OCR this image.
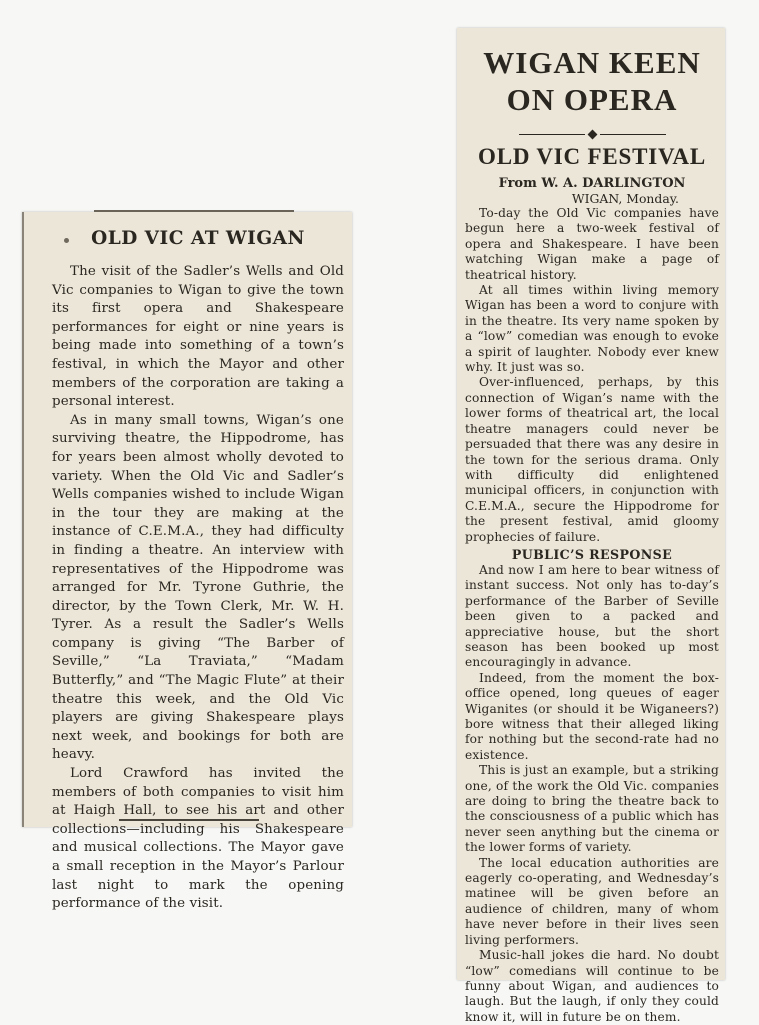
OLD VIC AT WIGAN

The visit of the Sadler’s Wells and Old Vic companies to Wigan to give the town its first opera and Shakespeare performances for eight or nine years is being made into something of a town’s festival, in which the Mayor and other members of the corporation are taking a personal interest.

As in many small towns, Wigan’s one surviving theatre, the Hippodrome, has for years been almost wholly devoted to variety. When the Old Vic and Sadler’s Wells companies wished to include Wigan in the tour they are making at the instance of C.E.M.A., they had difficulty in finding a theatre. An interview with representatives of the Hippodrome was arranged for Mr. Tyrone Guthrie, the director, by the Town Clerk, Mr. W. H. Tyrer. As a result the Sadler’s Wells company is giving “The Barber of Seville,” “La Traviata,” “Madam Butterfly,” and “The Magic Flute” at their theatre this week, and the Old Vic players are giving Shakespeare plays next week, and bookings for both are heavy.

Lord Crawford has invited the members of both companies to visit him at Haigh Hall, to see his art and other collections—including his Shakespeare and musical collections. The Mayor gave a small reception in the Mayor’s Parlour last night to mark the opening performance of the visit.

WIGAN KEEN ON OPERA
OLD VIC FESTIVAL
From W. A. DARLINGTON
WIGAN, Monday.

To-day the Old Vic companies have begun here a two-week festival of opera and Shakespeare. I have been watching Wigan make a page of theatrical history.

At all times within living memory Wigan has been a word to conjure with in the theatre. Its very name spoken by a “low” comedian was enough to evoke a spirit of laughter. Nobody ever knew why. It just was so.

Over-influenced, perhaps, by this connection of Wigan’s name with the lower forms of theatrical art, the local theatre managers could never be persuaded that there was any desire in the town for the serious drama. Only with difficulty did enlightened municipal officers, in conjunction with C.E.M.A., secure the Hippodrome for the present festival, amid gloomy prophecies of failure.

PUBLIC’S RESPONSE

And now I am here to bear witness of instant success. Not only has to-day’s performance of the Barber of Seville been given to a packed and appreciative house, but the short season has been booked up most encouragingly in advance.

Indeed, from the moment the box-office opened, long queues of eager Wiganites (or should it be Wiganeers?) bore witness that their alleged liking for nothing but the second-rate had no existence.

This is just an example, but a striking one, of the work the Old Vic. companies are doing to bring the theatre back to the consciousness of a public which has never seen anything but the cinema or the lower forms of variety.

The local education authorities are eagerly co-operating, and Wednesday’s matinee will be given before an audience of children, many of whom have never before in their lives seen living performers.

Music-hall jokes die hard. No doubt “low” comedians will continue to be funny about Wigan, and audiences to laugh. But the laugh, if only they could know it, will in future be on them.
